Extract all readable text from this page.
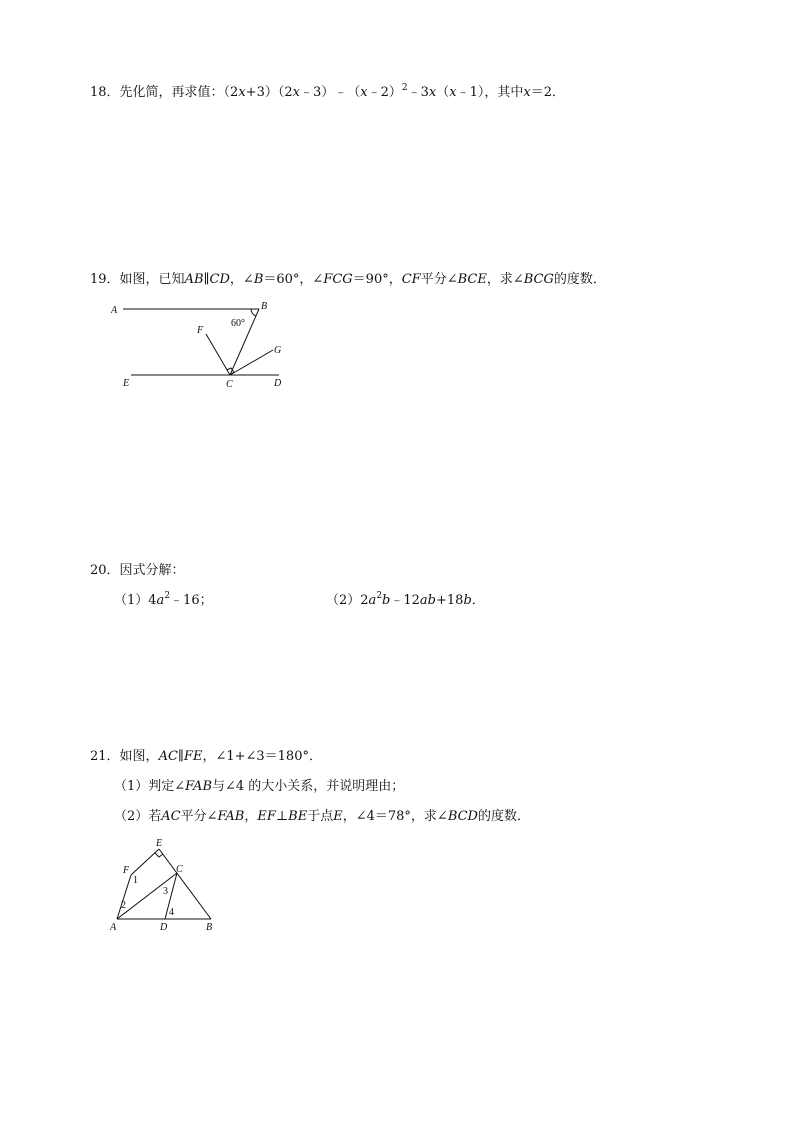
18．先化简，再求值：（2x+3）（2x﹣3）﹣（x﹣2）$^2$﹣3x（x﹣1），其中x＝2．
19．如图，已知AB∥CD，∠B＝60°，∠FCG＝90°，CF平分∠BCE，求∠BCG的度数．
A	B
F
G
E	C	D
60°
20．因式分解：
$(1)4a^2﹣16$；	$(2)2a^2b﹣12ab+18b$．
21．如图，AC∥FE，∠1+∠3＝180°．
（1）判定∠FAB与∠4 的大小关系，并说明理由；
（2）若AC平分∠FAB，EF⊥BE于点E，∠4＝78°，求∠BCD的度数．
E
F	C
A	D	B
1
2
3
4
